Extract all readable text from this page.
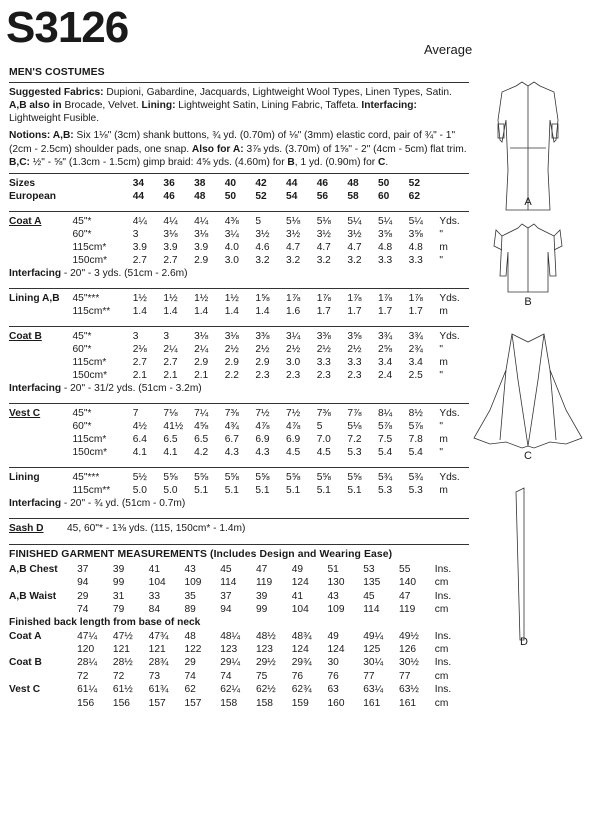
S3126	Average
MEN'S COSTUMES
Suggested Fabrics: Dupioni, Gabardine, Jacquards, Lightweight Wool Types, Linen Types, Satin. A,B also in Brocade, Velvet. Lining: Lightweight Satin, Lining Fabric, Taffeta. Interfacing: Lightweight Fusible.
Notions: A,B: Six 1⅛" (3cm) shank buttons, ¾ yd. (0.70m) of ⅛" (3mm) elastic cord, pair of ¾" - 1" (2cm - 2.5cm) shoulder pads, one snap. Also for A: 3⅞ yds. (3.70m) of 1⅝" - 2" (4cm - 5cm) flat trim. B,C: ½" - ⅝" (1.3cm - 1.5cm) gimp braid: 4⅝ yds. (4.60m) for B, 1 yd. (0.90m) for C.
Sizes		34	36	38	40	42	44	46	48	50	52	
European		44	46	48	50	52	54	56	58	60	62	
Coat A	45"*	4¼	4¼	4¼	4⅜	5	5⅛	5⅛	5¼	5¼	5¼	Yds.
	60"*	3	3⅛	3⅛	3¼	3½	3½	3½	3½	3⅝	3⅝	"
	115cm*	3.9	3.9	3.9	4.0	4.6	4.7	4.7	4.7	4.8	4.8	m
	150cm*	2.7	2.7	2.9	3.0	3.2	3.2	3.2	3.2	3.3	3.3	"
Interfacing - 20" - 3 yds. (51cm - 2.6m)
Lining A,B	45"***	1½	1½	1½	1½	1⅝	1⅞	1⅞	1⅞	1⅞	1⅞	Yds.
	115cm**	1.4	1.4	1.4	1.4	1.4	1.6	1.7	1.7	1.7	1.7	m
Coat B	45"*	3	3	3⅛	3⅛	3⅜	3¼	3⅜	3⅝	3¾	3¾	Yds.
	60"*	2⅛	2¼	2¼	2½	2½	2½	2½	2½	2⅝	2¾	"
	115cm*	2.7	2.7	2.9	2.9	2.9	3.0	3.3	3.3	3.4	3.4	m
	150cm*	2.1	2.1	2.1	2.2	2.3	2.3	2.3	2.3	2.4	2.5	"
Interfacing - 20" - 31/2 yds. (51cm - 3.2m)
Vest C	45"*	7	7⅛	7¼	7⅜	7½	7½	7⅜	7⅞	8¼	8½	Yds.
	60"*	4½	41½	4⅝	4¾	4⅞	4⅞	5	5⅛	5⅞	5⅞	"
	115cm*	6.4	6.5	6.5	6.7	6.9	6.9	7.0	7.2	7.5	7.8	m
	150cm*	4.1	4.1	4.2	4.3	4.3	4.5	4.5	5.3	5.4	5.4	"
Lining	45"***	5½	5⅝	5⅝	5⅝	5⅝	5⅝	5⅝	5⅝	5¾	5¾	Yds.
	115cm**	5.0	5.0	5.1	5.1	5.1	5.1	5.1	5.1	5.3	5.3	m
Interfacing - 20" - ¾ yd. (51cm - 0.7m)
Sash D 45, 60"* - 1⅜ yds. (115, 150cm* - 1.4m)
FINISHED GARMENT MEASUREMENTS (Includes Design and Wearing Ease)
A,B Chest	37	39	41	43	45	47	49	51	53	55	Ins.
	94	99	104	109	114	119	124	130	135	140	cm
A,B Waist	29	31	33	35	37	39	41	43	45	47	Ins.
	74	79	84	89	94	99	104	109	114	119	cm
Finished back length from base of neck
Coat A	47¼	47½	47¾	48	48¼	48½	48¾	49	49¼	49½	Ins.
	120	121	121	122	123	123	124	124	125	126	cm
Coat B	28¼	28½	28¾	29	29¼	29½	29¾	30	30¼	30½	Ins.
	72	72	73	74	74	75	76	76	77	77	cm
Vest C	61¼	61½	61¾	62	62¼	62½	62¾	63	63¼	63½	Ins.
	156	156	157	157	158	158	159	160	161	161	cm
A
B
C
D
